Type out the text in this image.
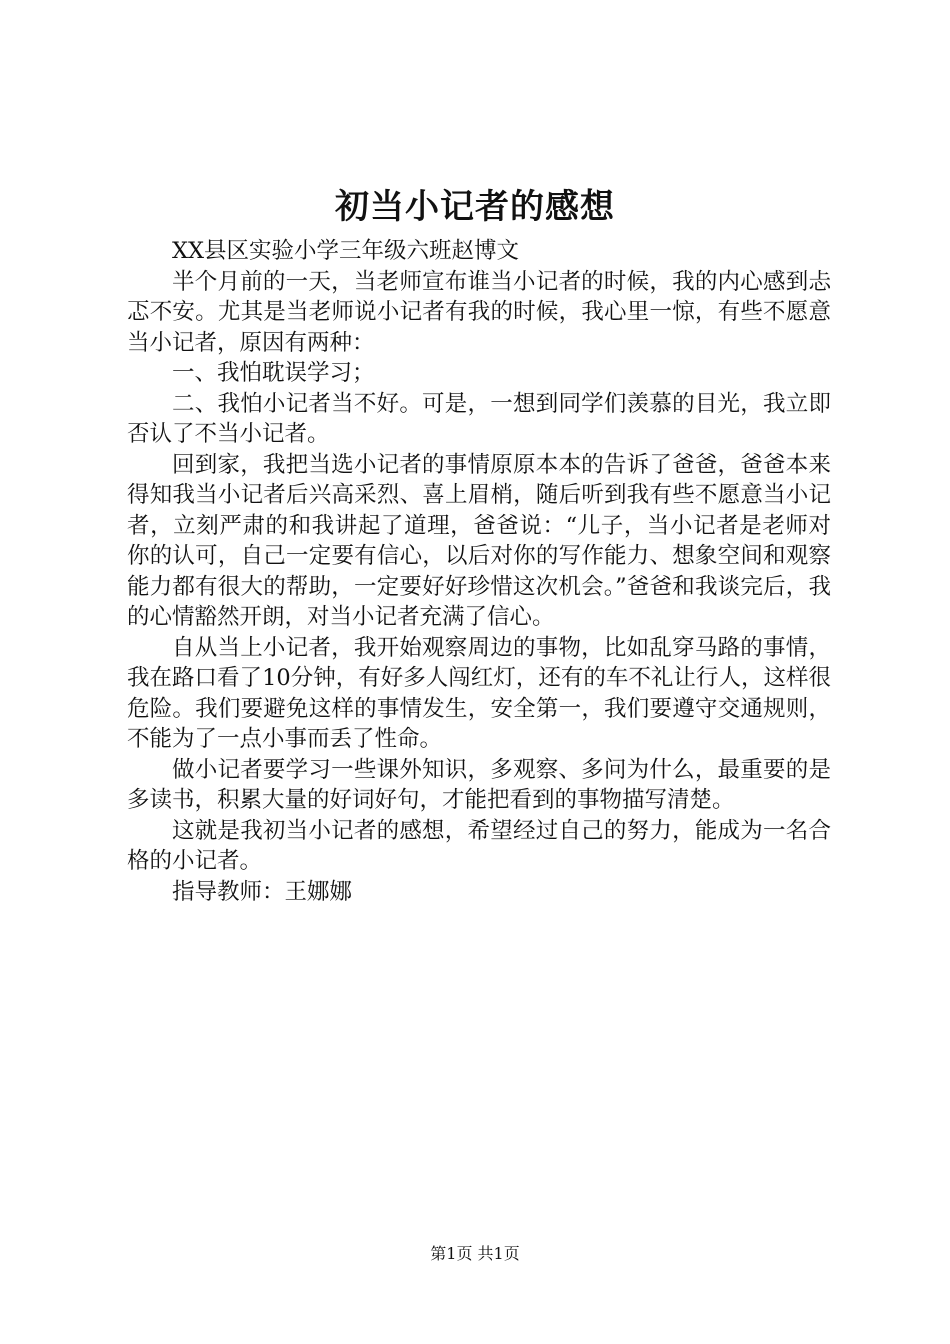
初当小记者的感想

XX县区实验小学三年级六班赵博文

半个月前的一天，当老师宣布谁当小记者的时候，我的内心感到忐忑不安。尤其是当老师说小记者有我的时候，我心里一惊，有些不愿意当小记者，原因有两种：

一、我怕耽误学习；

二、我怕小记者当不好。可是，一想到同学们羡慕的目光，我立即否认了不当小记者。

回到家，我把当选小记者的事情原原本本的告诉了爸爸，爸爸本来得知我当小记者后兴高采烈、喜上眉梢，随后听到我有些不愿意当小记者，立刻严肃的和我讲起了道理，爸爸说：“儿子，当小记者是老师对你的认可，自己一定要有信心，以后对你的写作能力、想象空间和观察能力都有很大的帮助，一定要好好珍惜这次机会。”爸爸和我谈完后，我的心情豁然开朗，对当小记者充满了信心。

自从当上小记者，我开始观察周边的事物，比如乱穿马路的事情，我在路口看了10分钟，有好多人闯红灯，还有的车不礼让行人，这样很危险。我们要避免这样的事情发生，安全第一，我们要遵守交通规则，不能为了一点小事而丢了性命。

做小记者要学习一些课外知识，多观察、多问为什么，最重要的是多读书，积累大量的好词好句，才能把看到的事物描写清楚。

这就是我初当小记者的感想，希望经过自己的努力，能成为一名合格的小记者。

指导教师：王娜娜

第1页 共1页
